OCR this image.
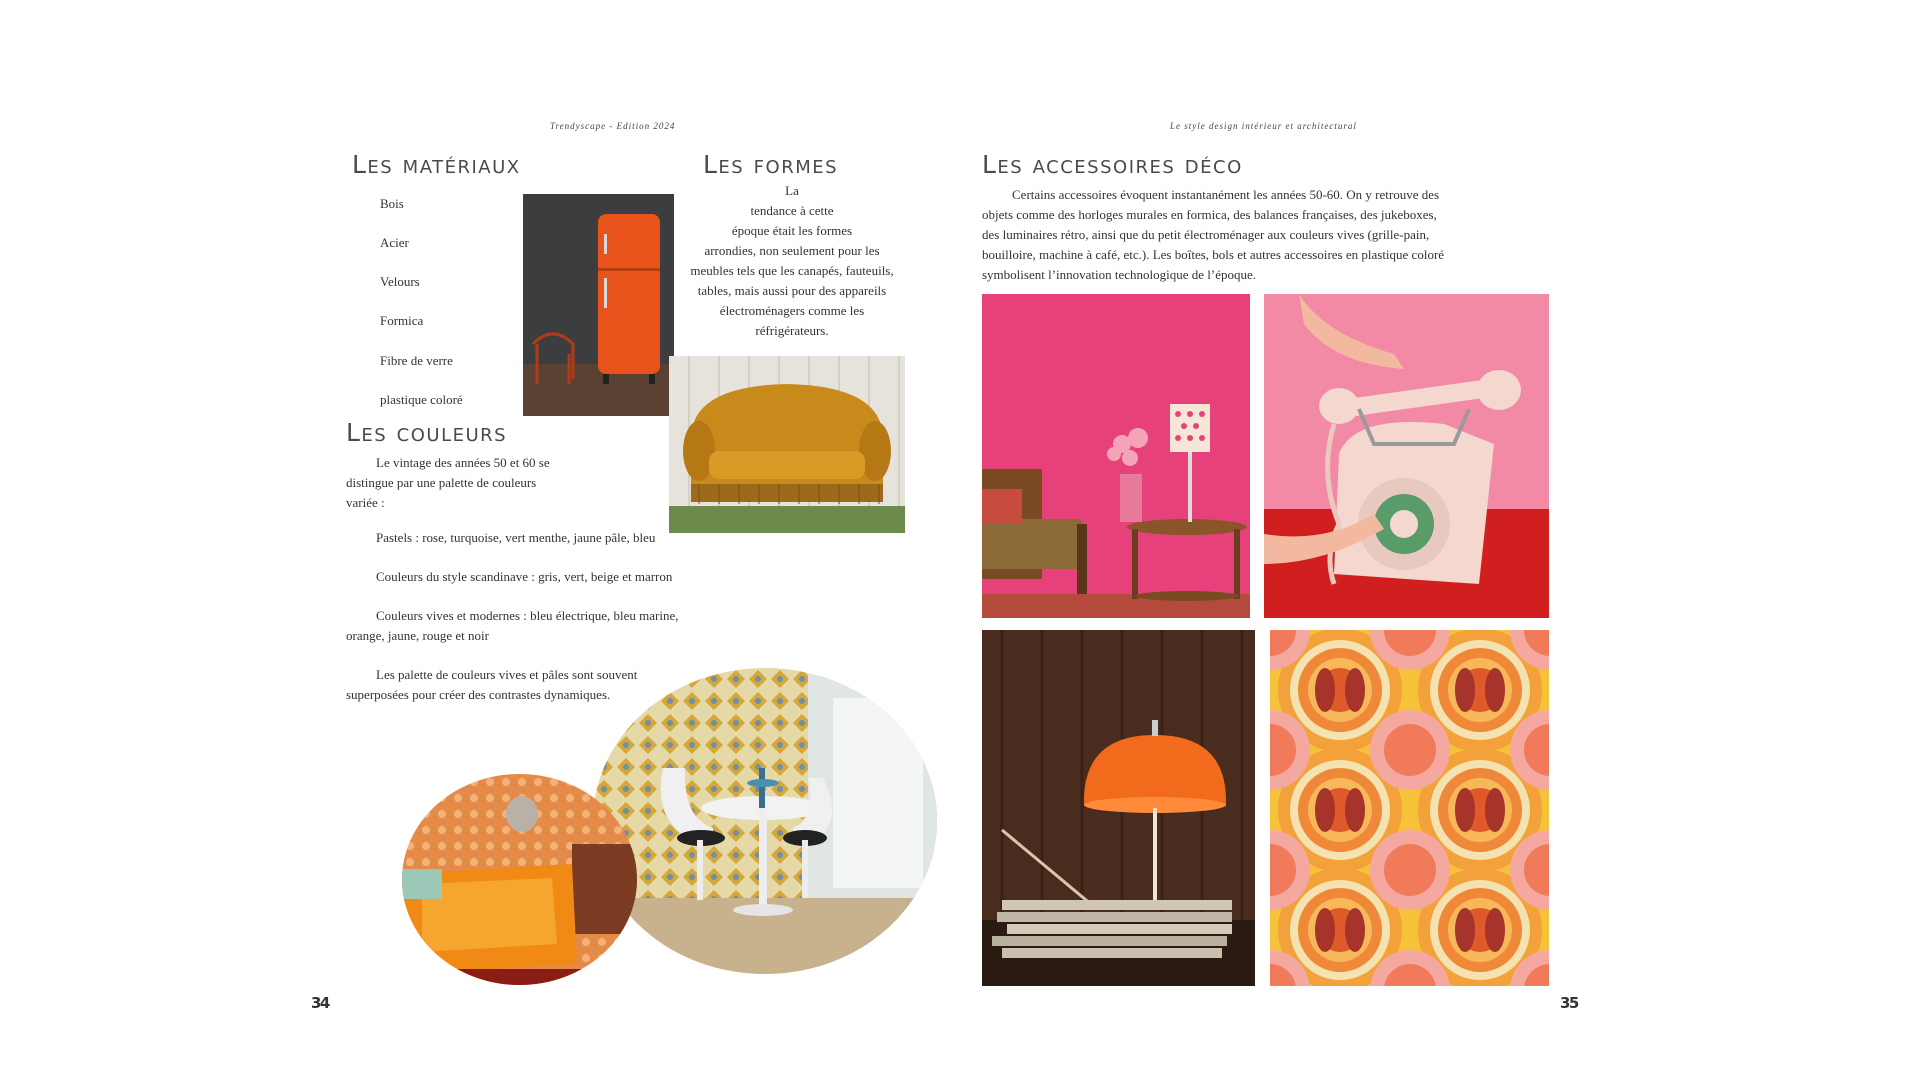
Trendyscape - Edition 2024
Les matériaux
Bois
Acier
Velours
Formica
Fibre de verre
plastique coloré
Les formes
La
tendance à cette
époque était les formes
arrondies, non seulement pour les
meubles tels que les canapés, fauteuils,
tables, mais aussi pour des appareils
électroménagers comme les
réfrigérateurs.
Les couleurs
Le vintage des années 50 et 60 se
distingue par une palette de couleurs
variée :
Pastels : rose, turquoise, vert menthe, jaune pâle, bleu
Couleurs du style scandinave : gris, vert, beige et marron
Couleurs vives et modernes : bleu électrique, bleu marine,
orange, jaune, rouge et noir
Les palette de couleurs vives et pâles sont souvent
superposées pour créer des contrastes dynamiques.
34
Le style design intérieur et architectural
Les accessoires déco
Certains accessoires évoquent instantanément les années 50-60. On y retrouve des
objets comme des horloges murales en formica, des balances françaises, des jukeboxes,
des luminaires rétro, ainsi que du petit électroménager aux couleurs vives (grille-pain,
bouilloire, machine à café, etc.). Les boîtes, bols et autres accessoires en plastique coloré
symbolisent l’innovation technologique de l’époque.
35
